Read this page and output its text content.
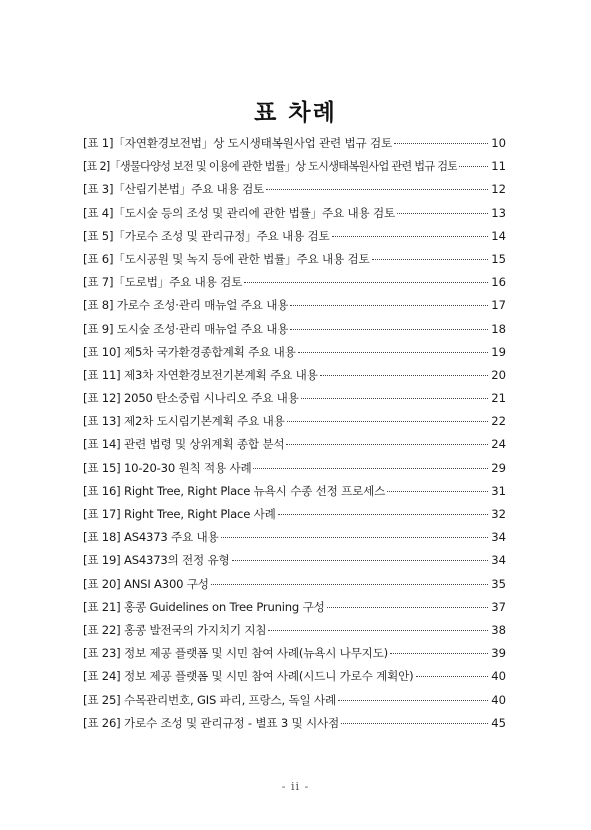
표 차례
[표 1]「자연환경보전법」상 도시생태복원사업 관련 법규 검토	10
[표 2]「생물다양성 보전 및 이용에 관한 법률」상 도시생태복원사업 관련 법규 검토	11
[표 3]「산림기본법」주요 내용 검토	12
[표 4]「도시숲 등의 조성 및 관리에 관한 법률」주요 내용 검토	13
[표 5]「가로수 조성 및 관리규정」주요 내용 검토	14
[표 6]「도시공원 및 녹지 등에 관한 법률」주요 내용 검토	15
[표 7]「도로법」주요 내용 검토	16
[표 8] 가로수 조성·관리 매뉴얼 주요 내용	17
[표 9] 도시숲 조성·관리 매뉴얼 주요 내용	18
[표 10] 제5차 국가환경종합계획 주요 내용	19
[표 11] 제3차 자연환경보전기본계획 주요 내용	20
[표 12] 2050 탄소중립 시나리오 주요 내용	21
[표 13] 제2차 도시림기본계획 주요 내용	22
[표 14] 관련 법령 및 상위계획 종합 분석	24
[표 15] 10-20-30 원칙 적용 사례	29
[표 16] Right Tree, Right Place 뉴욕시 수종 선정 프로세스	31
[표 17] Right Tree, Right Place 사례	32
[표 18] AS4373 주요 내용	34
[표 19] AS4373의 전정 유형	34
[표 20] ANSI A300 구성	35
[표 21] 홍콩 Guidelines on Tree Pruning 구성	37
[표 22] 홍콩 발전국의 가지치기 지침	38
[표 23] 정보 제공 플랫폼 및 시민 참여 사례(뉴욕시 나무지도)	39
[표 24] 정보 제공 플랫폼 및 시민 참여 사례(시드니 가로수 계획안)	40
[표 25] 수목관리번호, GIS 파리, 프랑스, 독일 사례	40
[표 26] 가로수 조성 및 관리규정 - 별표 3 및 시사점	45
- ii -
